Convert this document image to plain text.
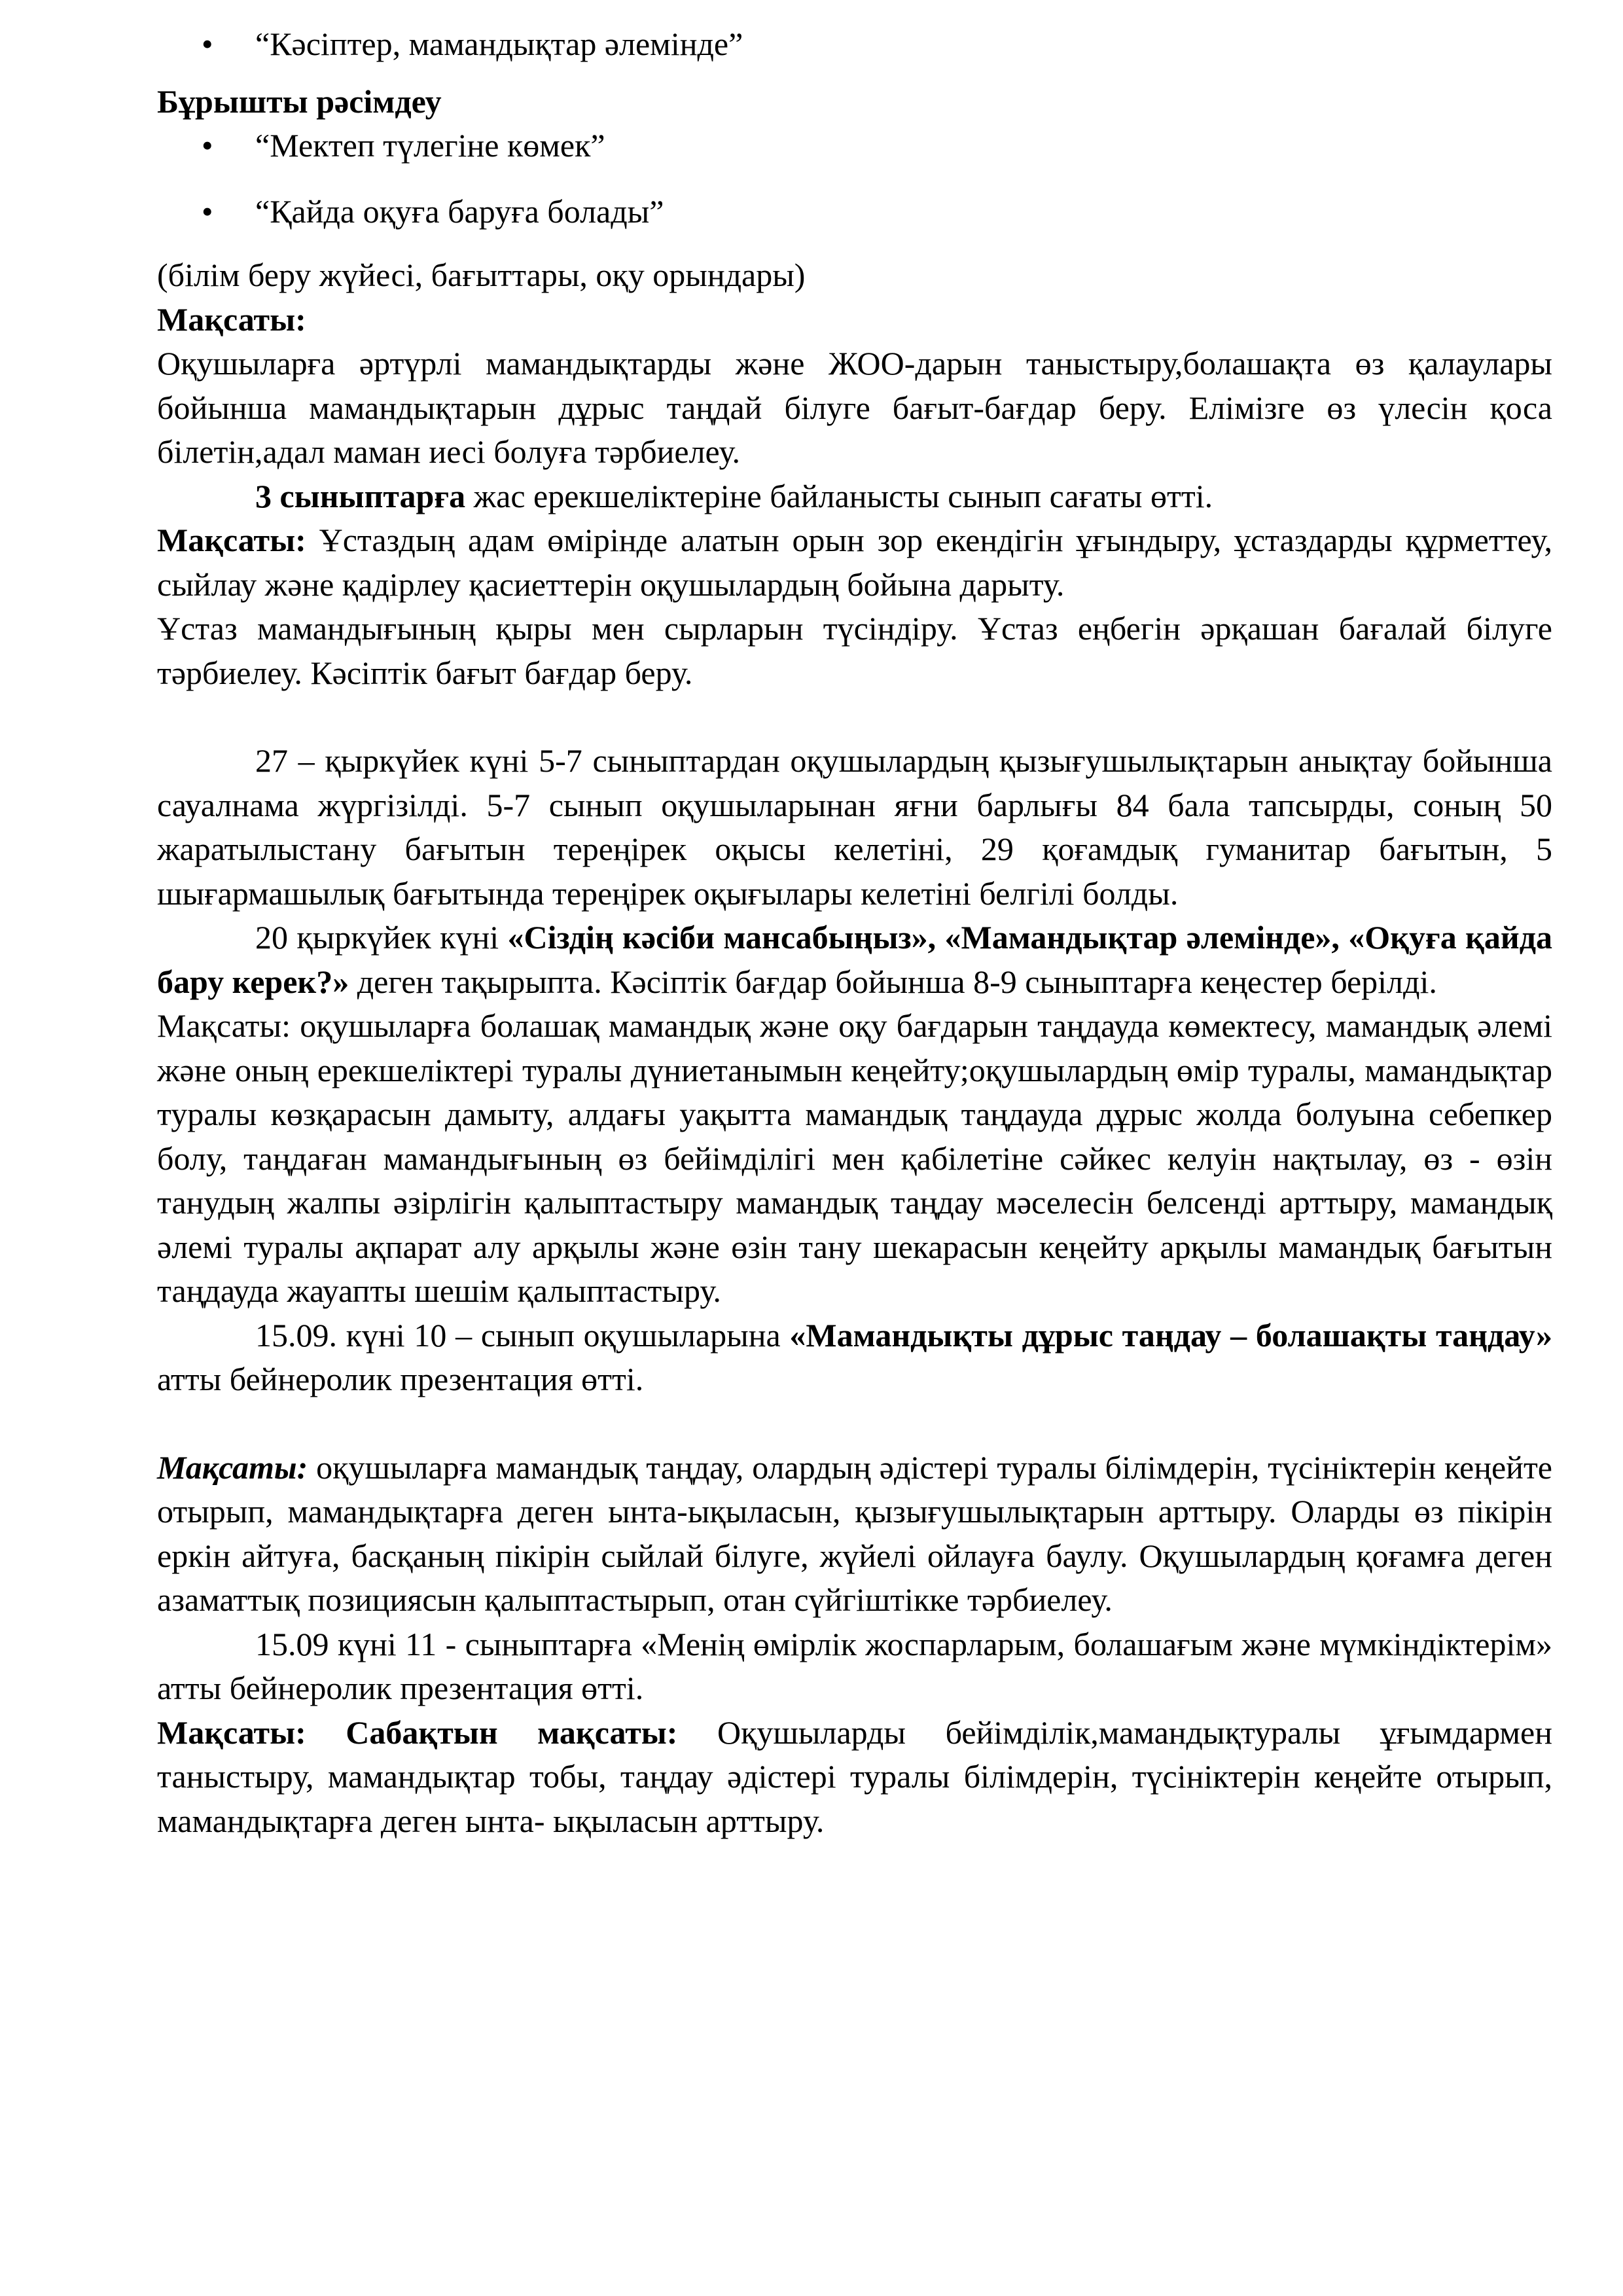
• “Кәсіптер, мамандықтар әлемінде”
Бұрышты рәсімдеу
• “Мектеп түлегіне көмек”
• “Қайда оқуға баруға болады”

(білім беру жүйесі, бағыттары, оқу орындары)

Мақсаты:

Оқушыларға әртүрлі мамандықтарды және ЖОО-дарын таныстыру,болашақта өз қалаулары бойынша мамандықтарын дұрыс таңдай білуге бағыт-бағдар беру. Елімізге өз үлесін қоса білетін,адал маман иесі болуға тәрбиелеу.

3 сыныптарға жас ерекшеліктеріне байланысты сынып сағаты өтті.

Мақсаты: Ұстаздың адам өмірінде алатын орын зор екендігін ұғындыру, ұстаздарды құрметтеу, сыйлау және қадірлеу қасиеттерін оқушылардың бойына дарыту.

Ұстаз мамандығының қыры мен сырларын түсіндіру. Ұстаз еңбегін әрқашан бағалай білуге тәрбиелеу. Кәсіптік бағыт бағдар беру.

27 – қыркүйек күні 5-7 сыныптардан оқушылардың қызығушылықтарын анықтау бойынша сауалнама жүргізілді. 5-7 сынып оқушыларынан яғни барлығы 84 бала тапсырды, соның 50 жаратылыстану бағытын тереңірек оқысы келетіні, 29 қоғамдық гуманитар бағытын, 5 шығармашылық бағытында тереңірек оқығылары келетіні белгілі болды.

20 қыркүйек күні «Сіздің кәсіби мансабыңыз», «Мамандықтар әлемінде», «Оқуға қайда бару керек?» деген тақырыпта. Кәсіптік бағдар бойынша 8-9 сыныптарға кеңестер берілді.

Мақсаты: оқушыларға болашақ мамандық және оқу бағдарын таңдауда көмектесу, мамандық әлемі және оның ерекшеліктері туралы дүниетанымын кеңейту;оқушылардың өмір туралы, мамандықтар туралы көзқарасын дамыту, алдағы уақытта мамандық таңдауда дұрыс жолда болуына себепкер болу, таңдаған мамандығының өз бейімділігі мен қабілетіне сәйкес келуін нақтылау, өз - өзін танудың жалпы әзірлігін қалыптастыру мамандық таңдау мәселесін белсенді арттыру, мамандық әлемі туралы ақпарат алу арқылы және өзін тану шекарасын кеңейту арқылы мамандық бағытын таңдауда жауапты шешім қалыптастыру.

15.09. күні 10 – сынып оқушыларына «Мамандықты дұрыс таңдау – болашақты таңдау» атты бейнеролик презентация өтті.

Мақсаты: оқушыларға мамандық таңдау, олардың әдістері туралы білімдерін, түсініктерін кеңейте отырып, мамандықтарға деген ынта-ықыласын, қызығушылықтарын арттыру. Оларды өз пікірін еркін айтуға, басқаның пікірін сыйлай білуге, жүйелі ойлауға баулу. Оқушылардың қоғамға деген азаматтық позициясын қалыптастырып, отан сүйгіштікке тәрбиелеу.

15.09 күні 11 - сыныптарға «Менің өмірлік жоспарларым, болашағым және мүмкіндіктерім» атты бейнеролик презентация өтті.

Мақсаты: Сабақтын мақсаты: Оқушыларды бейімділік,мамандықтуралы ұғымдармен таныстыру, мамандықтар тобы, таңдау әдістері туралы білімдерін, түсініктерін кеңейте отырып, мамандықтарға деген ынта- ықыласын арттыру.
